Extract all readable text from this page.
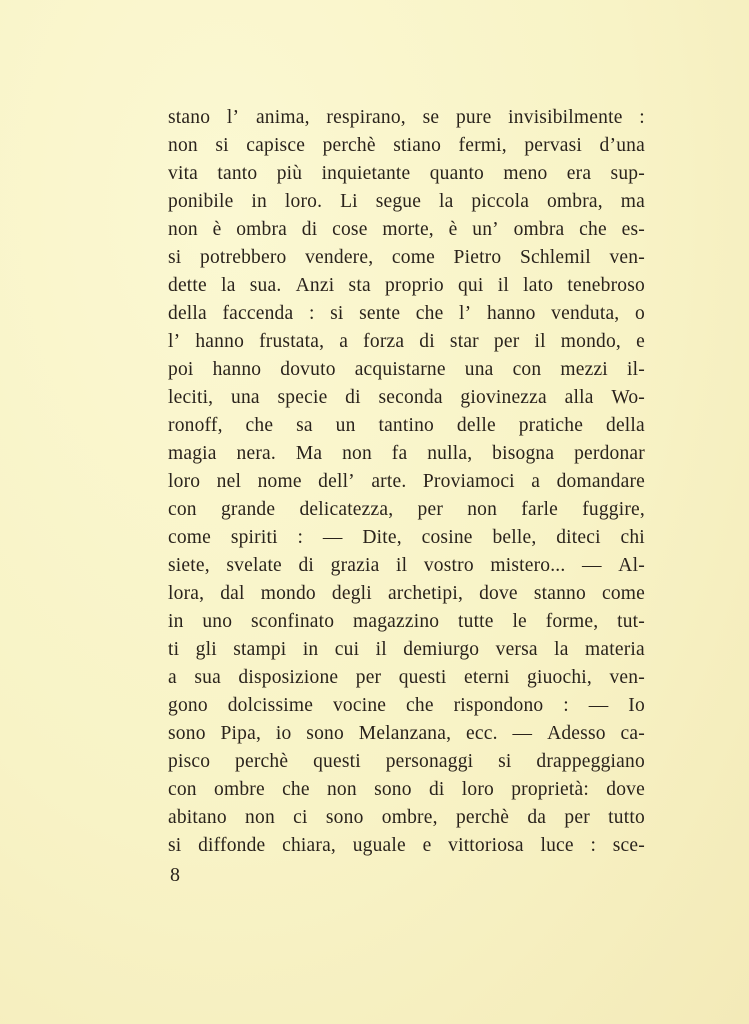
stano l’ anima, respirano, se pure invisibilmente :
non si capisce perchè stiano fermi, pervasi d’una
vita tanto più inquietante quanto meno era sup-
ponibile in loro. Li segue la piccola ombra, ma
non è ombra di cose morte, è un’ ombra che es-
si potrebbero vendere, come Pietro Schlemil ven-
dette la sua. Anzi sta proprio qui il lato tenebroso
della faccenda : si sente che l’ hanno venduta, o
l’ hanno frustata, a forza di star per il mondo, e
poi hanno dovuto acquistarne una con mezzi il-
leciti, una specie di seconda giovinezza alla Wo-
ronoff, che sa un tantino delle pratiche della
magia nera. Ma non fa nulla, bisogna perdonar
loro nel nome dell’ arte. Proviamoci a domandare
con grande delicatezza, per non farle fuggire,
come spiriti : — Dite, cosine belle, diteci chi
siete, svelate di grazia il vostro mistero... — Al-
lora, dal mondo degli archetipi, dove stanno come
in uno sconfinato magazzino tutte le forme, tut-
ti gli stampi in cui il demiurgo versa la materia
a sua disposizione per questi eterni giuochi, ven-
gono dolcissime vocine che rispondono : — Io
sono Pipa, io sono Melanzana, ecc. — Adesso ca-
pisco perchè questi personaggi si drappeggiano
con ombre che non sono di loro proprietà: dove
abitano non ci sono ombre, perchè da per tutto
si diffonde chiara, uguale e vittoriosa luce : sce-
8
